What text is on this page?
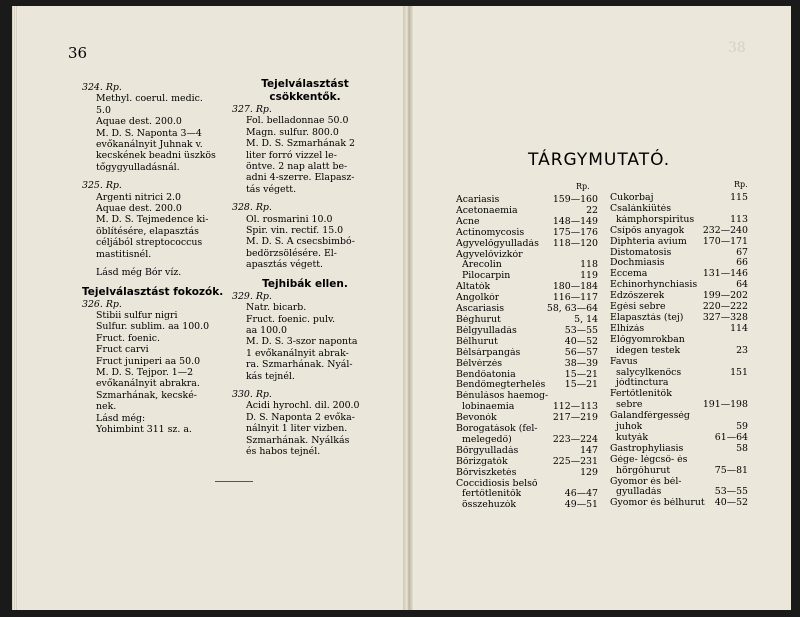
36	38

324. Rp.

Methyl. coerul. medic.

5.0

Aquae dest. 200.0

M. D. S. Naponta 3—4

evőkanálnyit Juhnak v.

kecskének beadni üszkös

tőgygyulladásnál.

325. Rp.

Argenti nitrici 2.0

Aquae dest. 200.0

M. D. S. Tejmedence ki-

öblítésére, elapasztás

céljából streptococcus

mastitisnél.

Lásd még Bór víz.

Tejelválasztást fokozók.

326. Rp.

Stibii sulfur nigri

Sulfur. sublim. aa 100.0

Fruct. foenic.

Fruct carvi

Fruct juniperi aa 50.0

M. D. S. Tejpor. 1—2

evőkanálnyit abrakra.

Szmarhának, kecské-

nek.

Lásd még:

Yohimbint 311 sz. a.

Tejelválasztást

csökkentők.

327. Rp.

Fol. belladonnae 50.0

Magn. sulfur. 800.0

M. D. S. Szmarhának 2

liter forró vizzel le-

öntve. 2 nap alatt be-

adni 4-szerre. Elapasz-

tás végett.

328. Rp.

Ol. rosmarini 10.0

Spir. vin. rectif. 15.0

M. D. S. A csecsbimbó-

bedörzsölésére. El-

apasztás végett.

Tejhibák ellen.

329. Rp.

Natr. bicarb.

Fruct. foenic. pulv.

aa 100.0

M. D. S. 3-szor naponta

1 evőkanálnyit abrak-

ra. Szmarhának. Nyál-

kás tejnél.

330. Rp.

Acidi hyrochl. dil. 200.0

D. S. Naponta 2 evőka-

nálnyit 1 liter vizben.

Szmarhának. Nyálkás

és habos tejnél.

TÁRGYMUTATÓ.
Rp.	Rp.
Acariasis	159—160
Acetonaemia	22
Acne	148—149
Actinomycosis	175—176
Agyvelőgyulladás	118—120
Agyvelővizkór
Arecolin	118
Pilocarpin	119
Altatók	180—184
Angolkór	116—117
Ascariasis	58, 63—64
Béghurut	5, 14
Bélgyulladás	53—55
Bélhurut	40—52
Bélsárpangás	56—57
Bélvérzés	38—39
Bendőatonia	15—21
Bendőmegterhelés	15—21
Bénulásos haemog-
lobinaemia	112—113
Bevonók	217—219
Borogatások (fel-
melegedő)	223—224
Bőrgyulladás	147
Bőrizgatók	225—231
Bőrviszketés	129
Coccidiosis belső
fertőtlenitők	46—47
összehuzók	49—51
Cukorbaj	115
Csalánkiütés
kámphorspiritus	113
Csípős anyagok	232—240
Diphteria avium	170—171
Distomatosis	67
Dochmiasis	66
Eccema	131—146
Echinorhynchiasis	64
Edzőszerek	199—202
Égési sebre	220—222
Elapasztás (tej)	327—328
Elhízás	114
Előgyomrokban
idegen testek	23
Favus
salycylkenőcs	151
jódtinctura
Fertőtlenitők
sebre	191—198
Galandférgesség
juhok	59
kutyák	61—64
Gastrophyliasis	58
Gége- légcső- és
hörgőhurut	75—81
Gyomor és bél-
gyulladás	53—55
Gyomor és bélhurut	40—52
